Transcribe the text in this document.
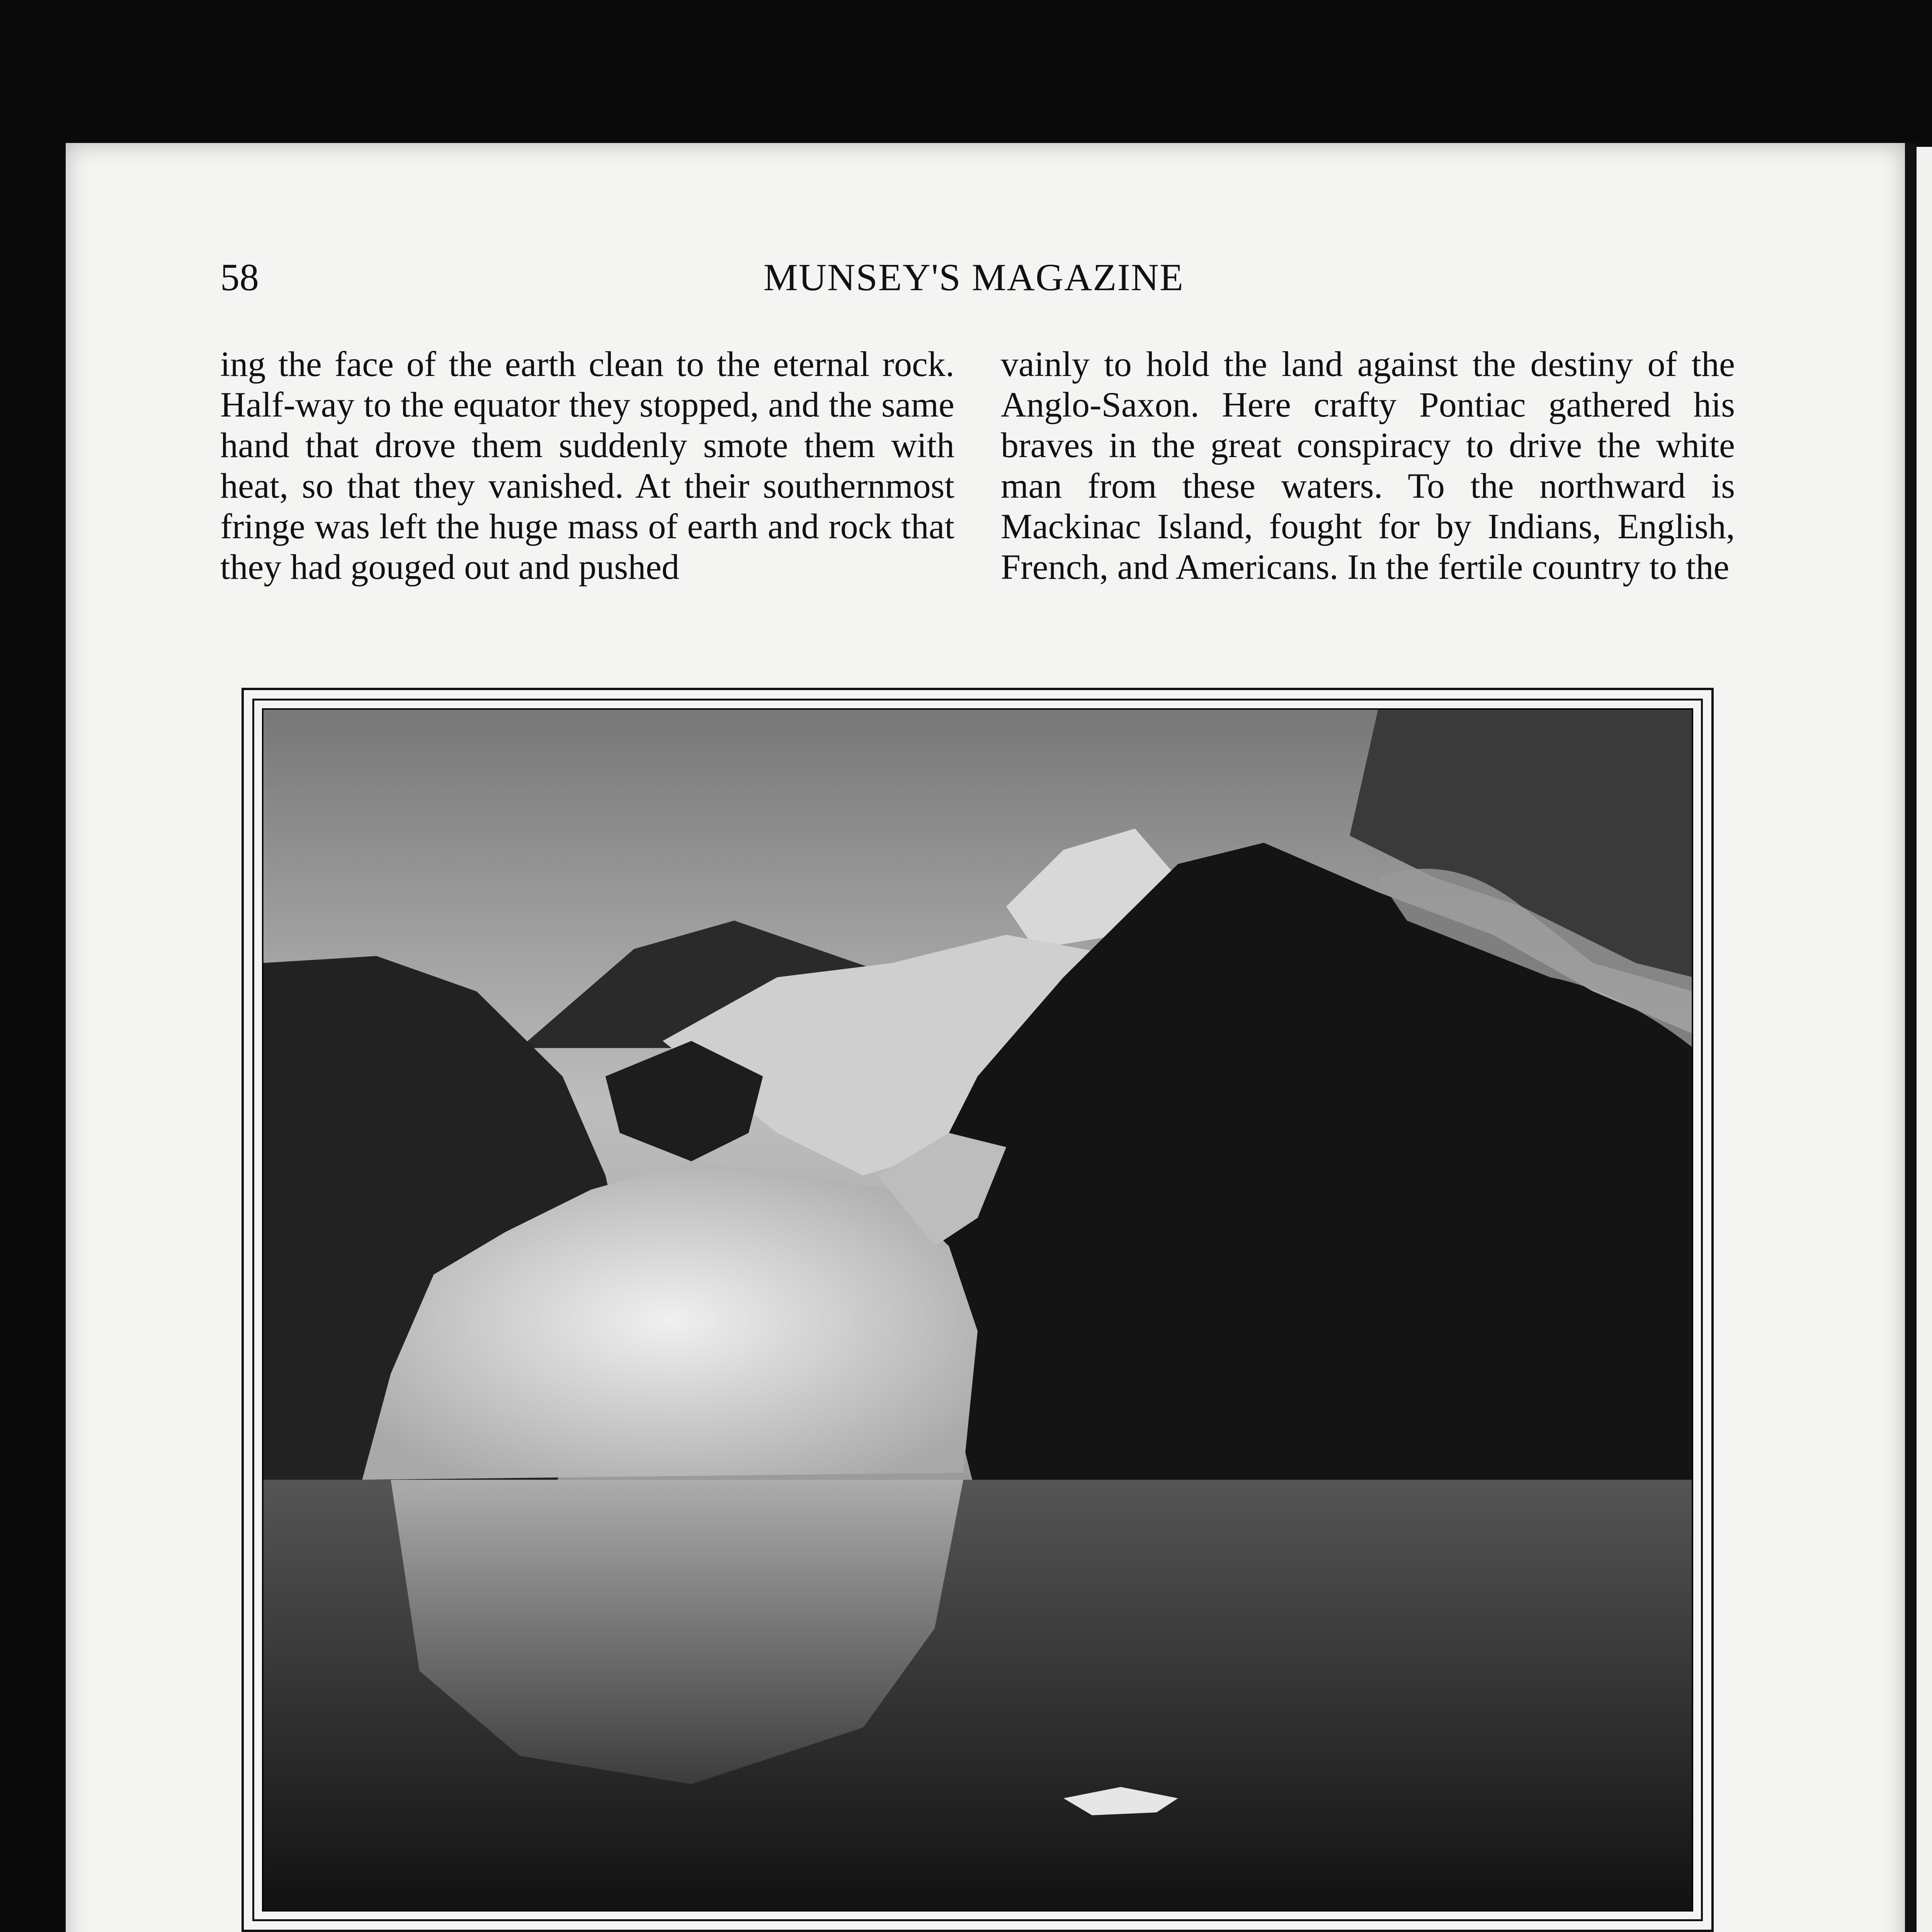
58	MUNSEY'S MAGAZINE

ing the face of the earth clean to the eternal rock. Half-way to the equator they stopped, and the same hand that drove them suddenly smote them with heat, so that they vanished. At their southernmost fringe was left the huge mass of earth and rock that they had gouged out and pushed

vainly to hold the land against the destiny of the Anglo-Saxon. Here crafty Pontiac gathered his braves in the great conspiracy to drive the white man from these waters. To the northward is Mackinac Island, fought for by Indians, English, French, and Americans. In the fertile country to the
